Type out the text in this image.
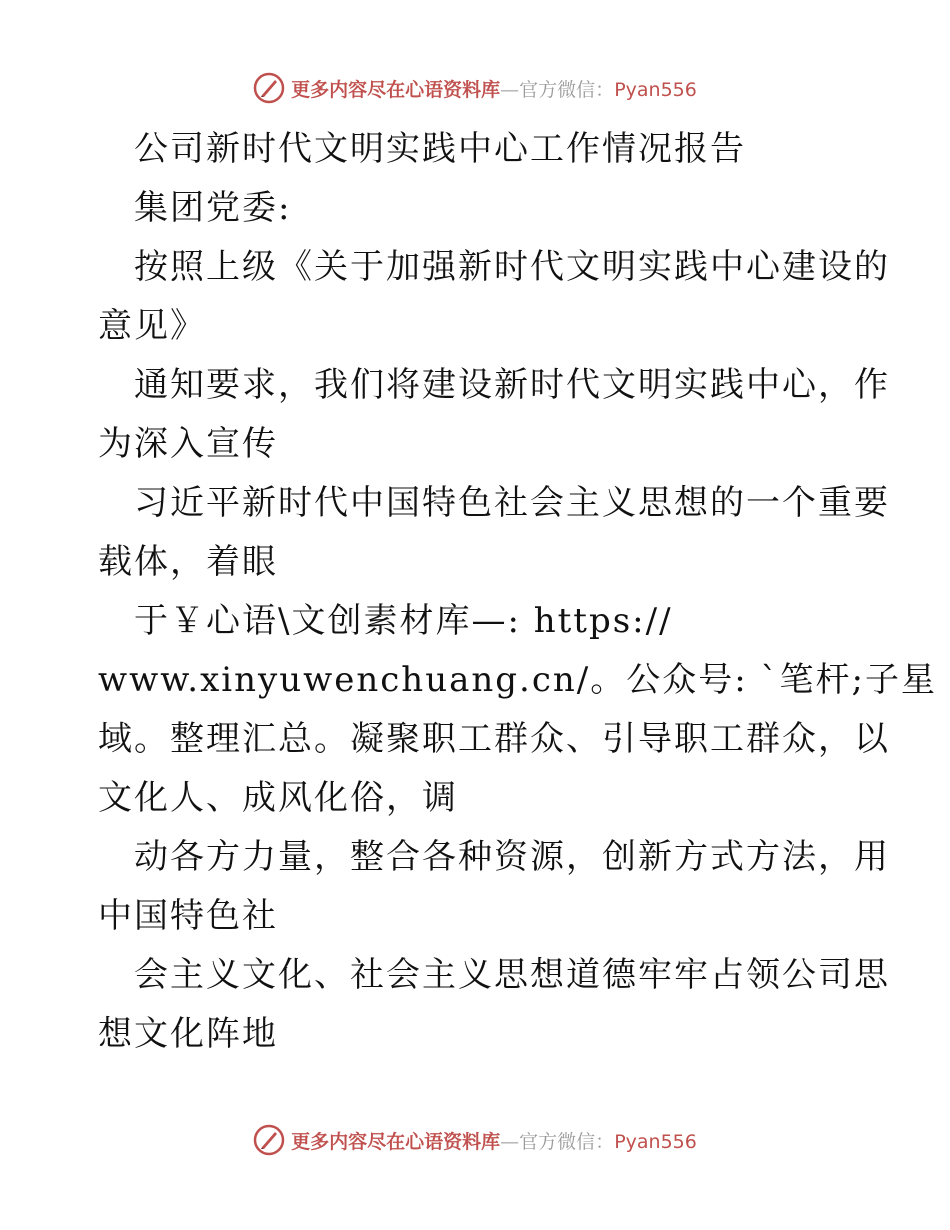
更多内容尽在心语资料库—官方微信：Pyan556
公司新时代文明实践中心工作情况报告
集团党委:
按照上级《关于加强新时代文明实践中心建设的
意见》
通知要求，我们将建设新时代文明实践中心，作
为深入宣传
习近平新时代中国特色社会主义思想的一个重要
载体，着眼
于￥心语\文创素材库—: https://
www.xinyuwenchuang.cn/。公众号: `笔杆;子星
域。整理汇总。凝聚职工群众、引导职工群众，以
文化人、成风化俗，调
动各方力量，整合各种资源，创新方式方法，用
中国特色社
会主义文化、社会主义思想道德牢牢占领公司思
想文化阵地
更多内容尽在心语资料库—官方微信：Pyan556
